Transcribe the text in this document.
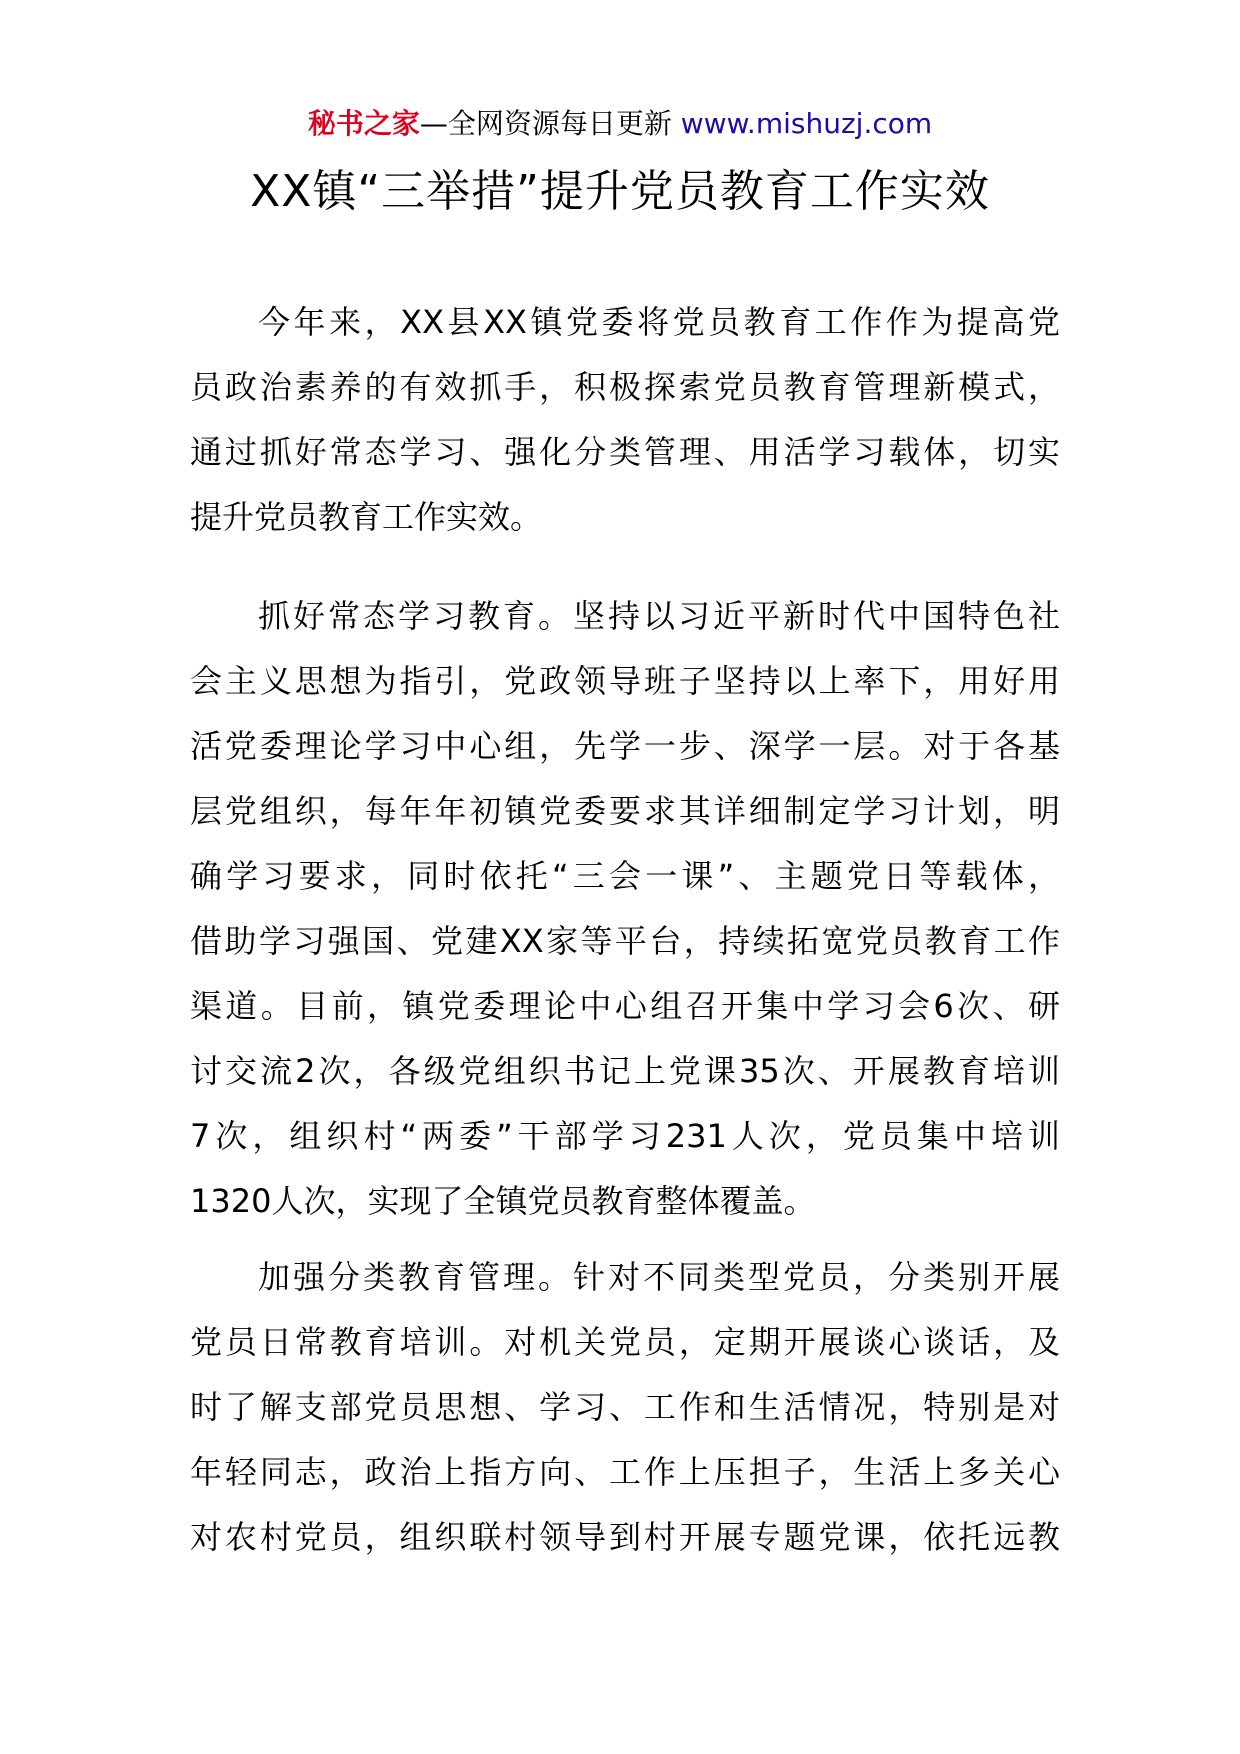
秘书之家—全网资源每日更新 www.mishuzj.com
XX镇“三举措”提升党员教育工作实效
今年来，XX县XX镇党委将党员教育工作作为提高党
员政治素养的有效抓手，积极探索党员教育管理新模式，
通过抓好常态学习、强化分类管理、用活学习载体，切实
提升党员教育工作实效。
抓好常态学习教育。坚持以习近平新时代中国特色社
会主义思想为指引，党政领导班子坚持以上率下，用好用
活党委理论学习中心组，先学一步、深学一层。对于各基
层党组织，每年年初镇党委要求其详细制定学习计划，明
确学习要求，同时依托“三会一课”、主题党日等载体，
借助学习强国、党建XX家等平台，持续拓宽党员教育工作
渠道。目前，镇党委理论中心组召开集中学习会6次、研
讨交流2次，各级党组织书记上党课35次、开展教育培训
7次，组织村“两委”干部学习231人次，党员集中培训
1320人次，实现了全镇党员教育整体覆盖。
加强分类教育管理。针对不同类型党员，分类别开展
党员日常教育培训。对机关党员，定期开展谈心谈话，及
时了解支部党员思想、学习、工作和生活情况，特别是对
年轻同志，政治上指方向、工作上压担子，生活上多关心
对农村党员，组织联村领导到村开展专题党课，依托远教
